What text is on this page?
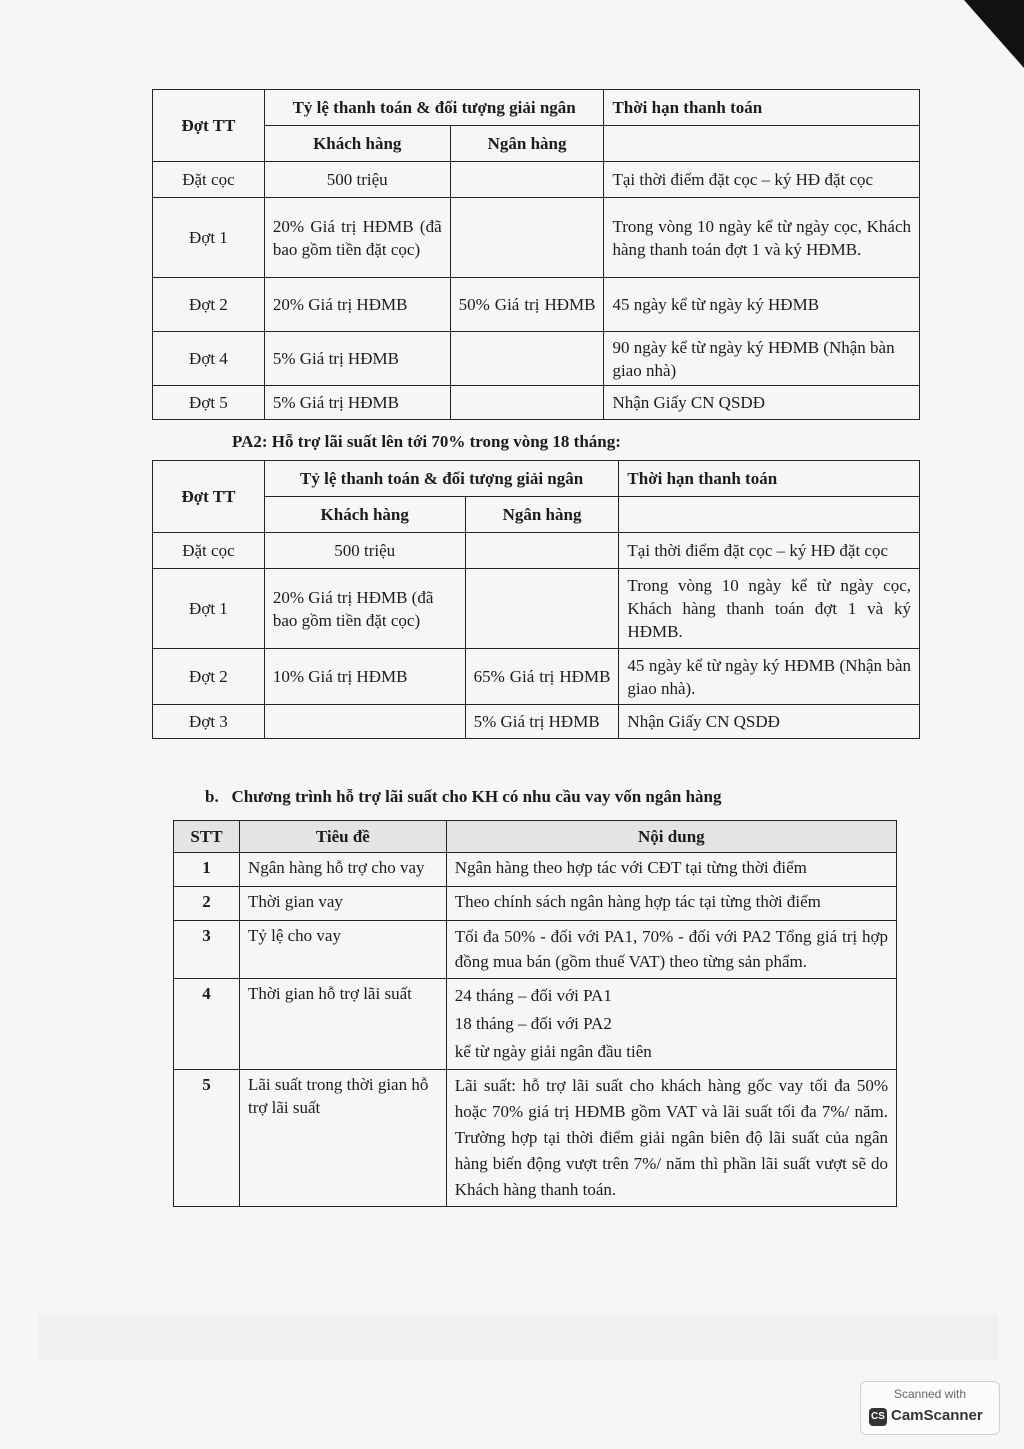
Đợt TT	Tỷ lệ thanh toán & đối tượng giải ngân		Thời hạn thanh toán
	Khách hàng	Ngân hàng	
Đặt cọc	500 triệu		Tại thời điểm đặt cọc – ký HĐ đặt cọc
Đợt 1	20% Giá trị HĐMB (đã bao gồm tiền đặt cọc)		Trong vòng 10 ngày kể từ ngày cọc, Khách hàng thanh toán đợt 1 và ký HĐMB.
Đợt 2	20% Giá trị HĐMB	50% Giá trị HĐMB	45 ngày kể từ ngày ký HĐMB
Đợt 4	5% Giá trị HĐMB		90 ngày kể từ ngày ký HĐMB (Nhận bàn giao nhà)
Đợt 5	5% Giá trị HĐMB		Nhận Giấy CN QSDĐ
PA2: Hỗ trợ lãi suất lên tới 70% trong vòng 18 tháng:
Đợt TT	Tỷ lệ thanh toán & đối tượng giải ngân		Thời hạn thanh toán
	Khách hàng	Ngân hàng	
Đặt cọc	500 triệu		Tại thời điểm đặt cọc – ký HĐ đặt cọc
Đợt 1	20% Giá trị HĐMB (đã bao gồm tiền đặt cọc)		Trong vòng 10 ngày kể từ ngày cọc, Khách hàng thanh toán đợt 1 và ký HĐMB.
Đợt 2	10% Giá trị HĐMB	65% Giá trị HĐMB	45 ngày kể từ ngày ký HĐMB (Nhận bàn giao nhà).
Đợt 3		5% Giá trị HĐMB	Nhận Giấy CN QSDĐ
b.   Chương trình hỗ trợ lãi suất cho KH có nhu cầu vay vốn ngân hàng
STT	Tiêu đề	Nội dung
1	Ngân hàng hỗ trợ cho vay	Ngân hàng theo hợp tác với CĐT tại từng thời điểm

2	Thời gian vay	Theo chính sách ngân hàng hợp tác tại từng thời điểm

3	Tỷ lệ cho vay	Tối đa 50% - đối với PA1, 70% - đối với PA2 Tổng giá trị hợp đồng mua bán (gồm thuế VAT) theo từng sản phẩm.

4	Thời gian hỗ trợ lãi suất	24 tháng – đối với PA1
18 tháng – đối với PA2
kể từ ngày giải ngân đầu tiên

5	Lãi suất trong thời gian hỗ trợ lãi suất	Lãi suất: hỗ trợ lãi suất cho khách hàng gốc vay tối đa 50% hoặc 70% giá trị HĐMB gồm VAT và lãi suất tối đa 7%/ năm. Trường hợp tại thời điểm giải ngân biên độ lãi suất của ngân hàng biến động vượt trên 7%/ năm thì phần lãi suất vượt sẽ do Khách hàng thanh toán.
Scanned with
CS CamScanner
